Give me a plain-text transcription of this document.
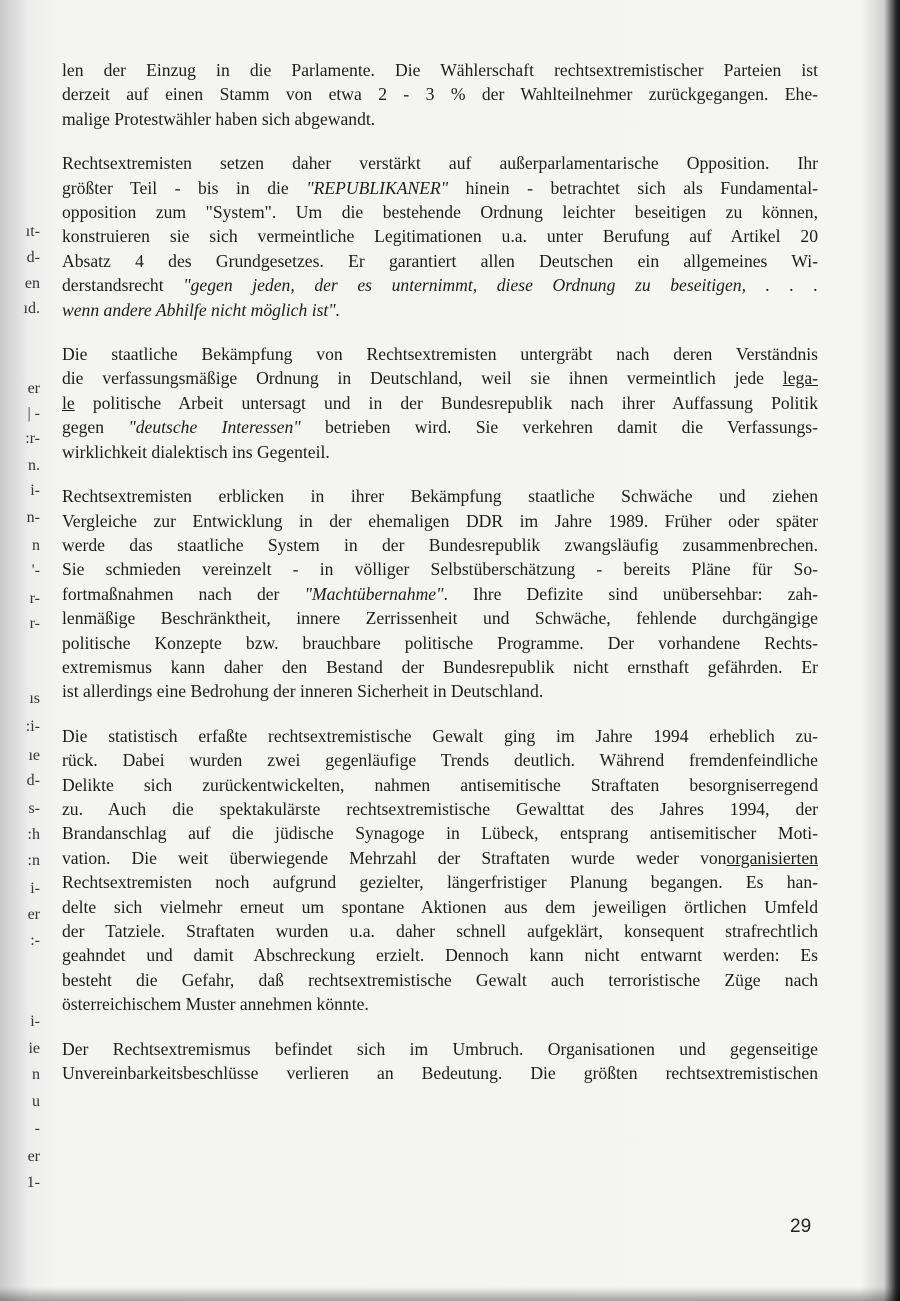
ıt-
d-
en
ıd.
er
| -
:r-
n.
i-
n-
n
'-
r-
r-
ıs
:i-
ıe
d-
s-
:h
:n
i-
er
:-
i-
ie
n
u
-
er
1-
len der Einzug in die Parlamente. Die Wählerschaft rechtsextremistischer Parteien ist
derzeit auf einen Stamm von etwa 2 - 3 % der Wahlteilnehmer zurückgegangen. Ehe-
malige Protestwähler haben sich abgewandt.
Rechtsextremisten setzen daher verstärkt auf außerparlamentarische Opposition. Ihr
größter Teil - bis in die "REPUBLIKANER" hinein - betrachtet sich als Fundamental-
opposition zum "System". Um die bestehende Ordnung leichter beseitigen zu können,
konstruieren sie sich vermeintliche Legitimationen u.a. unter Berufung auf Artikel 20
Absatz 4 des Grundgesetzes. Er garantiert allen Deutschen ein allgemeines Wi-
derstandsrecht "gegen jeden, der es unternimmt, diese Ordnung zu beseitigen, . . .
wenn andere Abhilfe nicht möglich ist".
Die staatliche Bekämpfung von Rechtsextremisten untergräbt nach deren Verständnis
die verfassungsmäßige Ordnung in Deutschland, weil sie ihnen vermeintlich jede lega-
le politische Arbeit untersagt und in der Bundesrepublik nach ihrer Auffassung Politik
gegen "deutsche Interessen" betrieben wird. Sie verkehren damit die Verfassungs-
wirklichkeit dialektisch ins Gegenteil.
Rechtsextremisten erblicken in ihrer Bekämpfung staatliche Schwäche und ziehen
Vergleiche zur Entwicklung in der ehemaligen DDR im Jahre 1989. Früher oder später
werde das staatliche System in der Bundesrepublik zwangsläufig zusammenbrechen.
Sie schmieden vereinzelt - in völliger Selbstüberschätzung - bereits Pläne für So-
fortmaßnahmen nach der "Machtübernahme". Ihre Defizite sind unübersehbar: zah-
lenmäßige Beschränktheit, innere Zerrissenheit und Schwäche, fehlende durchgängige
politische Konzepte bzw. brauchbare politische Programme. Der vorhandene Rechts-
extremismus kann daher den Bestand der Bundesrepublik nicht ernsthaft gefährden. Er
ist allerdings eine Bedrohung der inneren Sicherheit in Deutschland.
Die statistisch erfaßte rechtsextremistische Gewalt ging im Jahre 1994 erheblich zu-
rück. Dabei wurden zwei gegenläufige Trends deutlich. Während fremdenfeindliche
Delikte sich zurückentwickelten, nahmen antisemitische Straftaten besorgniserregend
zu. Auch die spektakulärste rechtsextremistische Gewalttat des Jahres 1994, der
Brandanschlag auf die jüdische Synagoge in Lübeck, entsprang antisemitischer Moti-
vation. Die weit überwiegende Mehrzahl der Straftaten wurde weder vonorganisierten
Rechtsextremisten noch aufgrund gezielter, längerfristiger Planung begangen. Es han-
delte sich vielmehr erneut um spontane Aktionen aus dem jeweiligen örtlichen Umfeld
der Tatziele. Straftaten wurden u.a. daher schnell aufgeklärt, konsequent strafrechtlich
geahndet und damit Abschreckung erzielt. Dennoch kann nicht entwarnt werden: Es
besteht die Gefahr, daß rechtsextremistische Gewalt auch terroristische Züge nach
österreichischem Muster annehmen könnte.
Der Rechtsextremismus befindet sich im Umbruch. Organisationen und gegenseitige
Unvereinbarkeitsbeschlüsse verlieren an Bedeutung. Die größten rechtsextremistischen
29
